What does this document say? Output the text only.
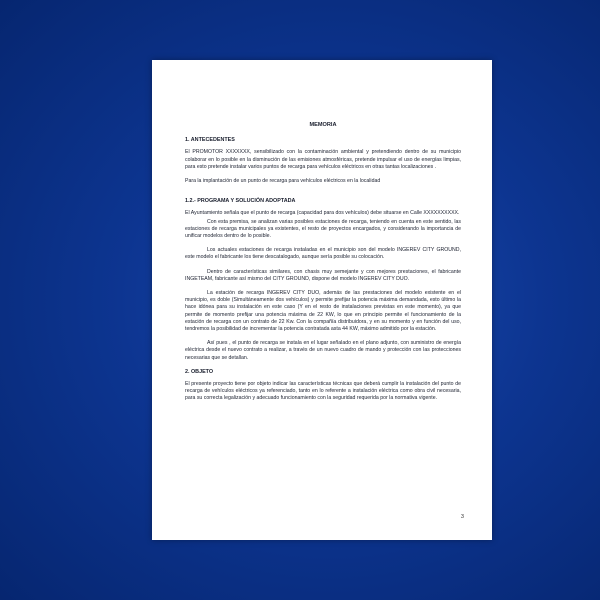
MEMORIA
1. ANTECEDENTES

El PROMOTOR XXXXXXX, sensibilizado con la contaminación ambiental y pretendiendo dentro de su municipio colaborar en lo posible en la disminución de las emisiones atmosféricas, pretende impulsar el uso de energías limpias, para esto pretende instalar varios puntos de recarga para vehículos eléctricos en otras tantas localizaciones .

Para la implantación de un punto de recarga para vehículos eléctricos en la localidad

1.2.- PROGRAMA Y SOLUCIÓN ADOPTADA

El Ayuntamiento señala que el punto de recarga (capacidad para dos vehículos) debe situarse en Calle XXXXXXXXXX.

Con esta premisa, se analizan varias posibles estaciones de recarga, teniendo en cuenta en este sentido, las estaciones de recarga municipales ya existentes, el resto de proyectos encargados, y considerando la importancia de unificar modelos dentro de lo posible.

Los actuales estaciones de recarga instaladas en el municipio son del modelo INGEREV CITY GROUND, este modelo el fabricante los tiene descatalogado, aunque sería posible su colocación.

Dentro de características similares, con chasis muy semejante y con mejores prestaciones, el fabricante INGETEAM, fabricante así mismo del CITY GROUND, dispone del modelo INGEREV CITY DUO.

La estación de recarga INGEREV CITY DUO, además de las prestaciones del modelo existente en el municipio, es doble (Simultáneamente dos vehículos) y permite prefijar la potencia máxima demandada, esto último la hace idónea para su instalación en este caso (Y en el resto de instalaciones previstas en este momento), ya que permite de momento prefijar una potencia máxima de 22 KW, lo que en principio permite el funcionamiento de la estación de recarga con un contrato de 22 Kw. Con la compañía distribuidora, y en su momento y en función del uso, tendremos la posibilidad de incrementar la potencia contratada asta 44 KW, máximo admitido por la estación.

Así pues , el punto de recarga se instala en el lugar señalado en el plano adjunto, con suministro de energía eléctrica desde el nuevo contrato a realizar, a través de un nuevo cuadro de mando y protección con las protecciones necesarias que se detallan.

2. OBJETO

El presente proyecto tiene por objeto indicar las características técnicas que deberá cumplir la instalación del punto de recarga de vehículos eléctricos ya referenciado, tanto en lo referente a instalación eléctrica como obra civil necesaria, para su correcta legalización y adecuado funcionamiento con la seguridad requerida por la normativa vigente.

3
